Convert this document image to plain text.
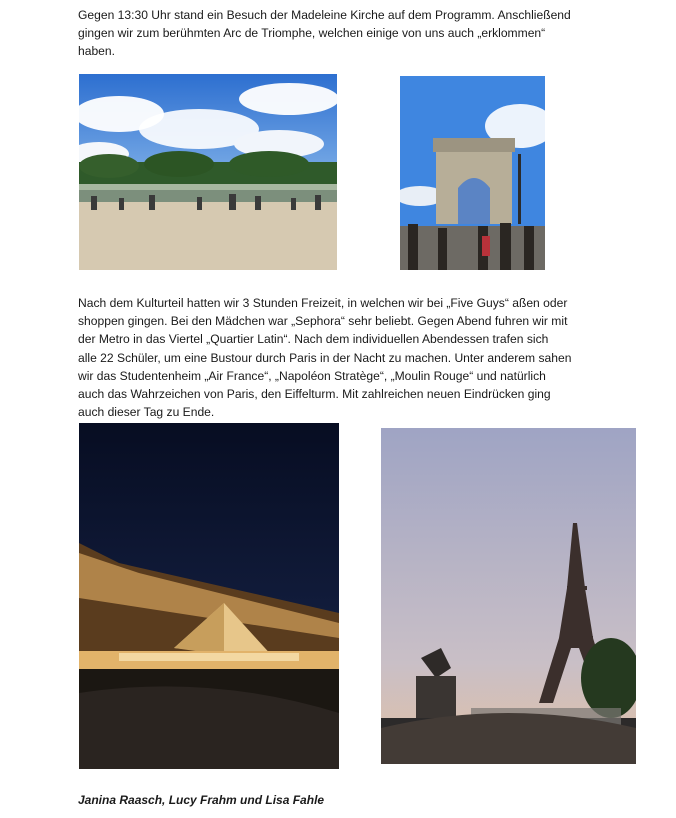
Gegen 13:30 Uhr stand ein Besuch der Madeleine Kirche auf dem Programm. Anschließend
gingen wir zum berühmten Arc de Triomphe, welchen einige von uns auch „erklommen“
haben.

Nach dem Kulturteil hatten wir 3 Stunden Freizeit, in welchen wir bei „Five Guys“ aßen oder
shoppen gingen. Bei den Mädchen war „Sephora“ sehr beliebt. Gegen Abend fuhren wir mit
der Metro in das Viertel „Quartier Latin“. Nach dem individuellen Abendessen trafen sich
alle 22 Schüler, um eine Bustour durch Paris in der Nacht zu machen. Unter anderem sahen
wir das Studentenheim „Air France“, „Napoléon Stratège“, „Moulin Rouge“ und natürlich
auch das Wahrzeichen von Paris, den Eiffelturm. Mit zahlreichen neuen Eindrücken ging
auch dieser Tag zu Ende.

Janina Raasch, Lucy Frahm und Lisa Fahle
